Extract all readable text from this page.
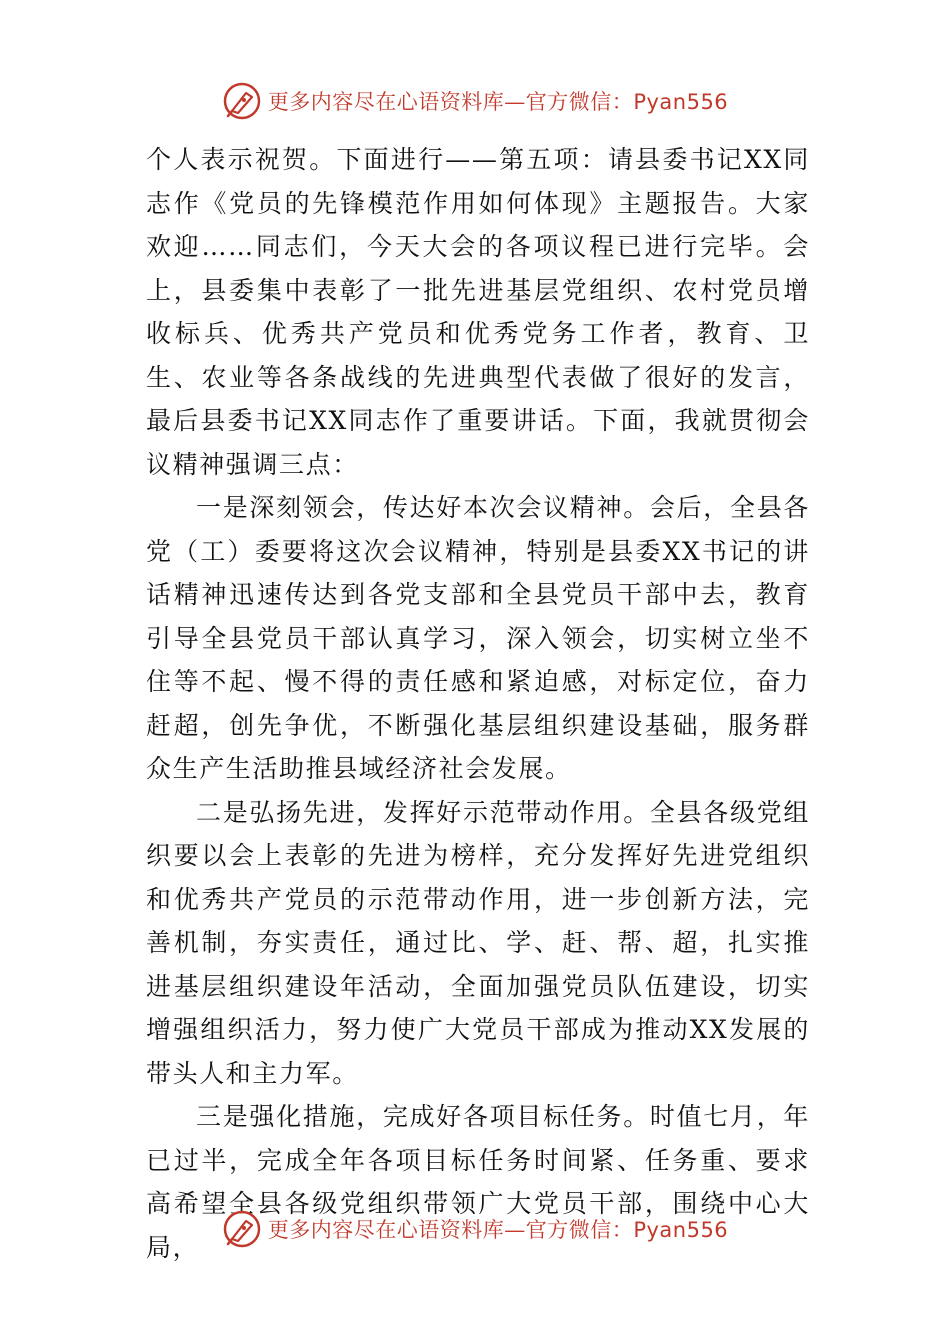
更多内容尽在心语资料库—官方微信：Pyan556

个人表示祝贺。下面进行——第五项：请县委书记XX同志作《党员的先锋模范作用如何体现》主题报告。大家欢迎……同志们，今天大会的各项议程已进行完毕。会上，县委集中表彰了一批先进基层党组织、农村党员增收标兵、优秀共产党员和优秀党务工作者，教育、卫生、农业等各条战线的先进典型代表做了很好的发言，最后县委书记XX同志作了重要讲话。下面，我就贯彻会议精神强调三点：

一是深刻领会，传达好本次会议精神。会后，全县各党（工）委要将这次会议精神，特别是县委XX书记的讲话精神迅速传达到各党支部和全县党员干部中去，教育引导全县党员干部认真学习，深入领会，切实树立坐不住等不起、慢不得的责任感和紧迫感，对标定位，奋力赶超，创先争优，不断强化基层组织建设基础，服务群众生产生活助推县域经济社会发展。

二是弘扬先进，发挥好示范带动作用。全县各级党组织要以会上表彰的先进为榜样，充分发挥好先进党组织和优秀共产党员的示范带动作用，进一步创新方法，完善机制，夯实责任，通过比、学、赶、帮、超，扎实推进基层组织建设年活动，全面加强党员队伍建设，切实增强组织活力，努力使广大党员干部成为推动XX发展的带头人和主力军。

三是强化措施，完成好各项目标任务。时值七月，年已过半，完成全年各项目标任务时间紧、任务重、要求高希望全县各级党组织带领广大党员干部，围绕中心大局，

更多内容尽在心语资料库—官方微信：Pyan556
